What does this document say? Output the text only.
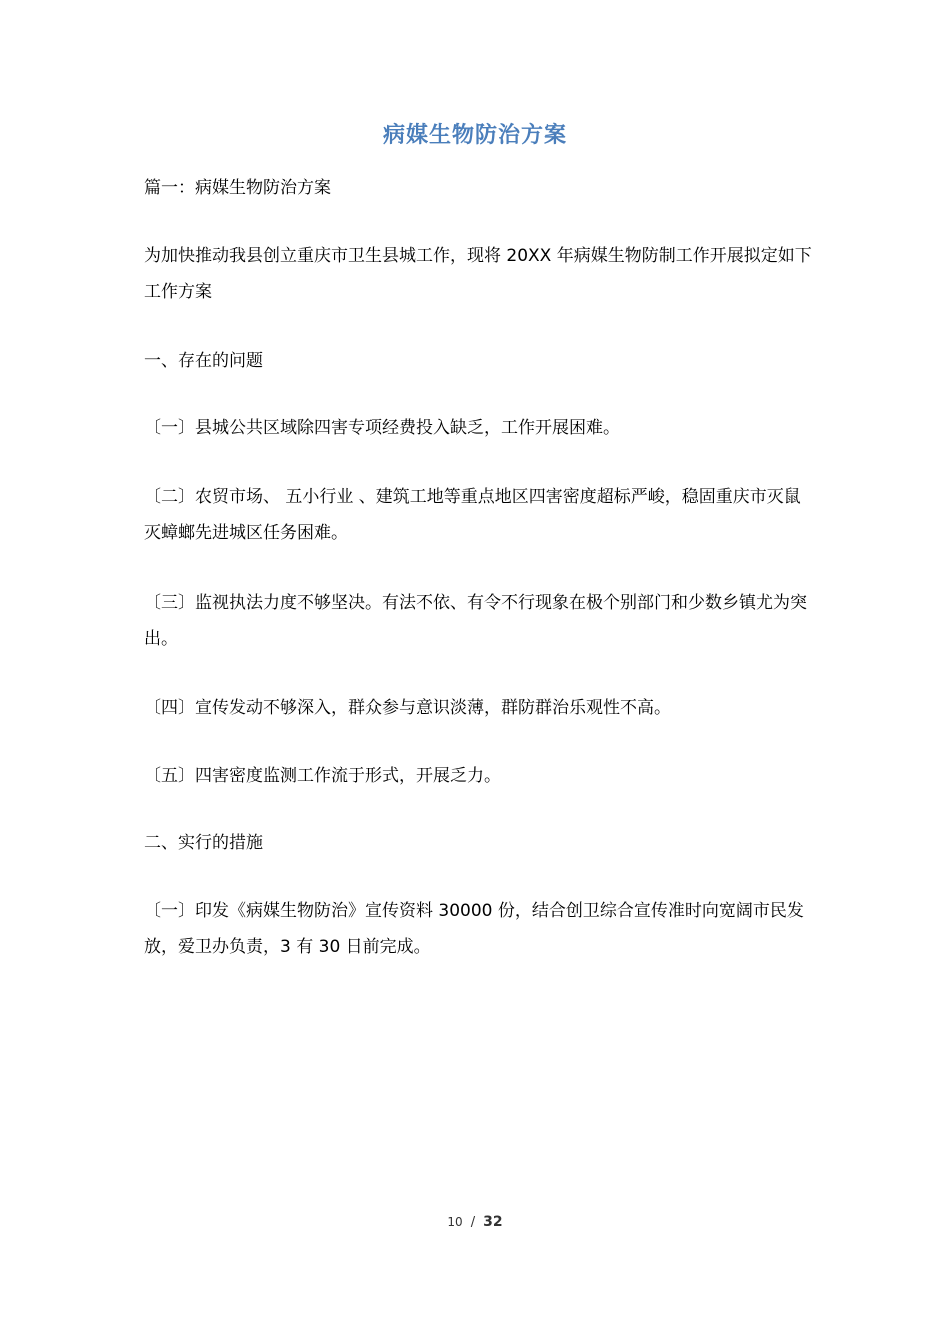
病媒生物防治方案

篇一：病媒生物防治方案

为加快推动我县创立重庆市卫生县城工作，现将 20XX 年病媒生物防制工作开展拟定如下工作方案

一、存在的问题

〔一〕县城公共区域除四害专项经费投入缺乏，工作开展困难。

〔二〕农贸市场、 五小行业 、建筑工地等重点地区四害密度超标严峻，稳固重庆市灭鼠灭蟑螂先进城区任务困难。

〔三〕监视执法力度不够坚决。有法不依、有令不行现象在极个别部门和少数乡镇尤为突出。

〔四〕宣传发动不够深入，群众参与意识淡薄，群防群治乐观性不高。

〔五〕四害密度监测工作流于形式，开展乏力。

二、实行的措施

〔一〕印发《病媒生物防治》宣传资料 30000 份，结合创卫综合宣传准时向宽阔市民发放，爱卫办负责，3 有 30 日前完成。

10 / 32
